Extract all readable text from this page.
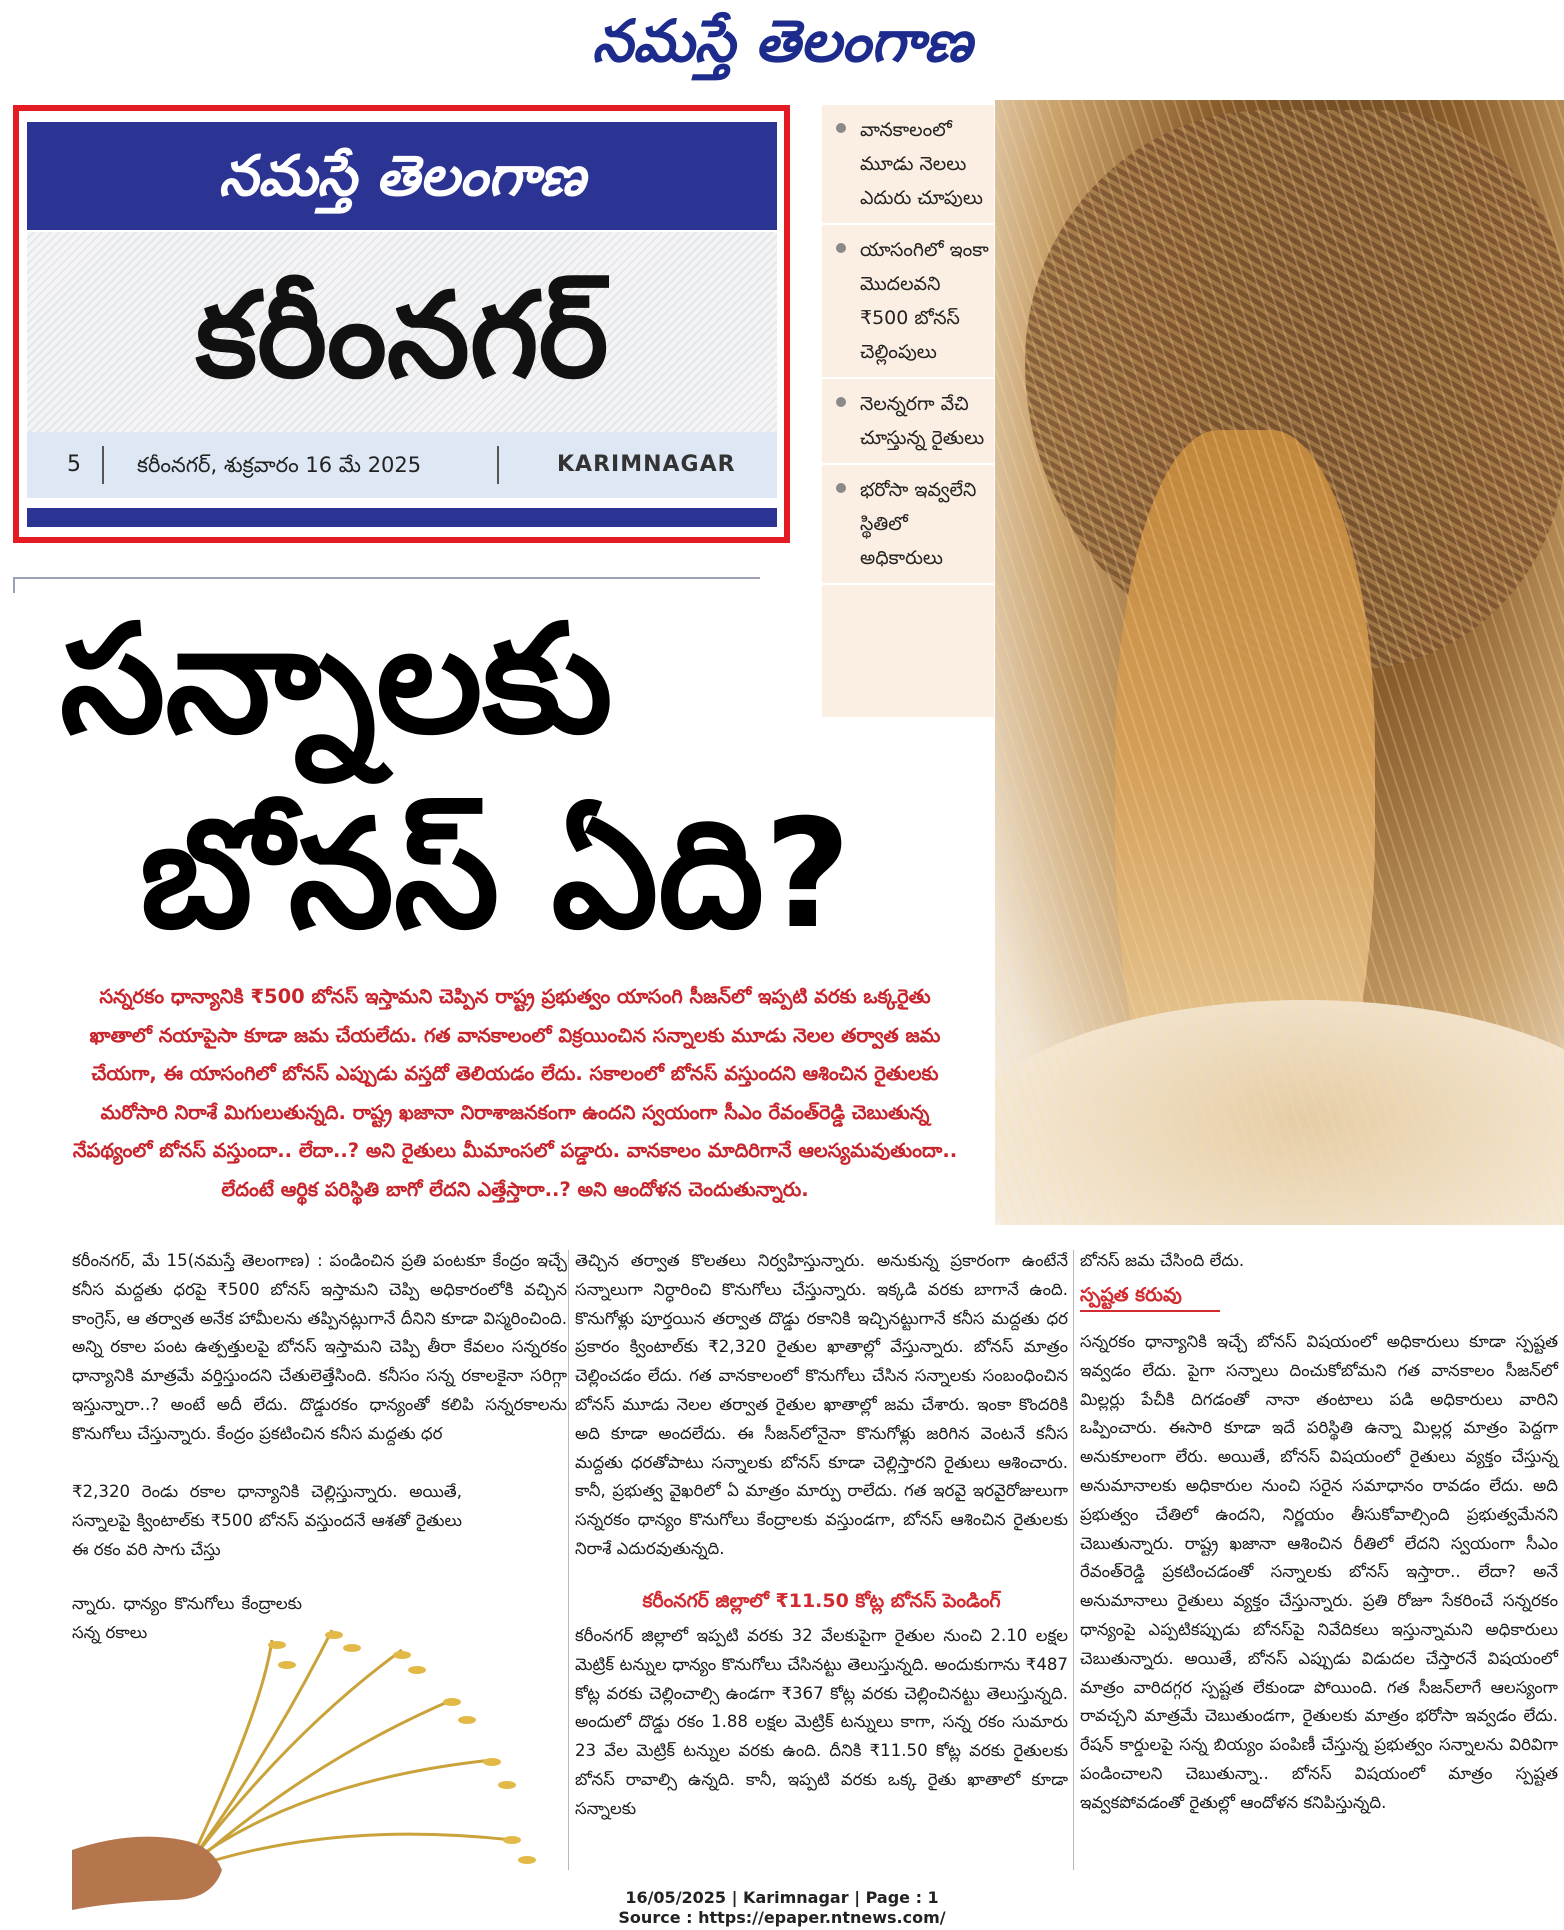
నమస్తే తెలంగాణ
నమస్తే తెలంగాణ
కరీంనగర్
5	కరీంనగర్, శుక్రవారం 16 మే 2025	KARIMNAGAR
వానకాలంలో మూడు నెలలు ఎదురు చూపులు
యాసంగిలో ఇంకా మొదలవని ₹500 బోనస్ చెల్లింపులు
నెలన్నరగా వేచి చూస్తున్న రైతులు
భరోసా ఇవ్వలేని స్థితిలో అధికారులు
సన్నాలకు
బోనస్ ఏది?
సన్నరకం ధాన్యానికి ₹500 బోనస్ ఇస్తామని చెప్పిన రాష్ట్ర ప్రభుత్వం యాసంగి సీజన్‌లో ఇప్పటి వరకు ఒక్కరైతు ఖాతాలో నయాపైసా కూడా జమ చేయలేదు. గత వానకాలంలో విక్రయించిన సన్నాలకు మూడు నెలల తర్వాత జమ చేయగా, ఈ యాసంగిలో బోనస్ ఎప్పుడు వస్తదో తెలియడం లేదు. సకాలంలో బోనస్ వస్తుందని ఆశించిన రైతులకు మరోసారి నిరాశే మిగులుతున్నది. రాష్ట్ర ఖజానా నిరాశాజనకంగా ఉందని స్వయంగా సీఎం రేవంత్‌రెడ్డి చెబుతున్న నేపథ్యంలో బోనస్ వస్తుందా.. లేదా..? అని రైతులు మీమాంసలో పడ్డారు. వానకాలం మాదిరిగానే ఆలస్యమవుతుందా.. లేదంటే ఆర్థిక పరిస్థితి బాగో లేదని ఎత్తేస్తారా..? అని ఆందోళన చెందుతున్నారు.
కరీంనగర్, మే 15(నమస్తే తెలంగాణ) : పండించిన ప్రతి పంటకూ కేంద్రం ఇచ్చే కనీస మద్దతు ధరపై ₹500 బోనస్ ఇస్తామని చెప్పి అధికారంలోకి వచ్చిన కాంగ్రెస్, ఆ తర్వాత అనేక హామీలను తప్పినట్లుగానే దీనిని కూడా విస్మరించింది. అన్ని రకాల పంట ఉత్పత్తులపై బోనస్ ఇస్తామని చెప్పి తీరా కేవలం సన్నరకం ధాన్యానికి మాత్రమే వర్తిస్తుందని చేతులెత్తేసింది. కనీసం సన్న రకాలకైనా సరిగ్గా ఇస్తున్నారా..? అంటే అదీ లేదు. దొడ్డురకం ధాన్యంతో కలిపి సన్నరకాలను కొనుగోలు చేస్తున్నారు. కేంద్రం ప్రకటించిన కనీస మద్దతు ధర
₹2,320 రెండు రకాల ధాన్యానికి చెల్లిస్తున్నారు. అయితే, సన్నాలపై క్వింటాల్‌కు ₹500 బోనస్ వస్తుందనే ఆశతో రైతులు ఈ రకం వరి సాగు చేస్తు
న్నారు. ధాన్యం కొనుగోలు కేంద్రాలకు సన్న రకాలు
తెచ్చిన తర్వాత కొలతలు నిర్వహిస్తున్నారు. అనుకున్న ప్రకారంగా ఉంటేనే సన్నాలుగా నిర్ధారించి కొనుగోలు చేస్తున్నారు. ఇక్కడి వరకు బాగానే ఉంది. కొనుగోళ్లు పూర్తయిన తర్వాత దొడ్డు రకానికి ఇచ్చినట్టుగానే కనీస మద్దతు ధర ప్రకారం క్వింటాల్‌కు ₹2,320 రైతుల ఖాతాల్లో వేస్తున్నారు. బోనస్ మాత్రం చెల్లించడం లేదు. గత వానకాలంలో కొనుగోలు చేసిన సన్నాలకు సంబంధించిన బోనస్ మూడు నెలల తర్వాత రైతుల ఖాతాల్లో జమ చేశారు. ఇంకా కొందరికి అది కూడా అందలేదు. ఈ సీజన్‌లోనైనా కొనుగోళ్లు జరిగిన వెంటనే కనీస మద్దతు ధరతోపాటు సన్నాలకు బోనస్ కూడా చెల్లిస్తారని రైతులు ఆశించారు. కానీ, ప్రభుత్వ వైఖరిలో ఏ మాత్రం మార్పు రాలేదు. గత ఇరవై ఇరవైరోజులుగా సన్నరకం ధాన్యం కొనుగోలు కేంద్రాలకు వస్తుండగా, బోనస్ ఆశించిన రైతులకు నిరాశే ఎదురవుతున్నది.
కరీంనగర్ జిల్లాలో ₹11.50 కోట్ల బోనస్ పెండింగ్
కరీంనగర్ జిల్లాలో ఇప్పటి వరకు 32 వేలకుపైగా రైతుల నుంచి 2.10 లక్షల మెట్రిక్ టన్నుల ధాన్యం కొనుగోలు చేసినట్టు తెలుస్తున్నది. అందుకుగాను ₹487 కోట్ల వరకు చెల్లించాల్సి ఉండగా ₹367 కోట్ల వరకు చెల్లించినట్టు తెలుస్తున్నది. అందులో దొడ్డు రకం 1.88 లక్షల మెట్రిక్ టన్నులు కాగా, సన్న రకం సుమారు 23 వేల మెట్రిక్ టన్నుల వరకు ఉంది. దీనికి ₹11.50 కోట్ల వరకు రైతులకు బోనస్ రావాల్సి ఉన్నది. కానీ, ఇప్పటి వరకు ఒక్క రైతు ఖాతాలో కూడా సన్నాలకు
బోనస్ జమ చేసింది లేదు.
స్పష్టత కరువు
సన్నరకం ధాన్యానికి ఇచ్చే బోనస్ విషయంలో అధికారులు కూడా స్పష్టత ఇవ్వడం లేదు. పైగా సన్నాలు దించుకోబోమని గత వానకాలం సీజన్‌లో మిల్లర్లు పేచీకి దిగడంతో నానా తంటాలు పడి అధికారులు వారిని ఒప్పించారు. ఈసారి కూడా ఇదే పరిస్థితి ఉన్నా మిల్లర్ల మాత్రం పెద్దగా అనుకూలంగా లేరు. అయితే, బోనస్ విషయంలో రైతులు వ్యక్తం చేస్తున్న అనుమానాలకు అధికారుల నుంచి సరైన సమాధానం రావడం లేదు. అది ప్రభుత్వం చేతిలో ఉందని, నిర్ణయం తీసుకోవాల్సింది ప్రభుత్వమేనని చెబుతున్నారు. రాష్ట్ర ఖజానా ఆశించిన రీతిలో లేదని స్వయంగా సీఎం రేవంత్‌రెడ్డి ప్రకటించడంతో సన్నాలకు బోనస్ ఇస్తారా.. లేదా? అనే అనుమానాలు రైతులు వ్యక్తం చేస్తున్నారు. ప్రతి రోజూ సేకరించే సన్నరకం ధాన్యంపై ఎప్పటికప్పుడు బోనస్‌పై నివేదికలు ఇస్తున్నామని అధికారులు చెబుతున్నారు. అయితే, బోనస్ ఎప్పుడు విడుదల చేస్తారనే విషయంలో మాత్రం వారిదగ్గర స్పష్టత లేకుండా పోయింది. గత సీజన్‌లాగే ఆలస్యంగా రావచ్చని మాత్రమే చెబుతుండగా, రైతులకు మాత్రం భరోసా ఇవ్వడం లేదు. రేషన్ కార్డులపై సన్న బియ్యం పంపిణీ చేస్తున్న ప్రభుత్వం సన్నాలను విరివిగా పండించాలని చెబుతున్నా.. బోనస్ విషయంలో మాత్రం స్పష్టత ఇవ్వకపోవడంతో రైతుల్లో ఆందోళన కనిపిస్తున్నది.
16/05/2025 | Karimnagar | Page : 1
Source : https://epaper.ntnews.com/
